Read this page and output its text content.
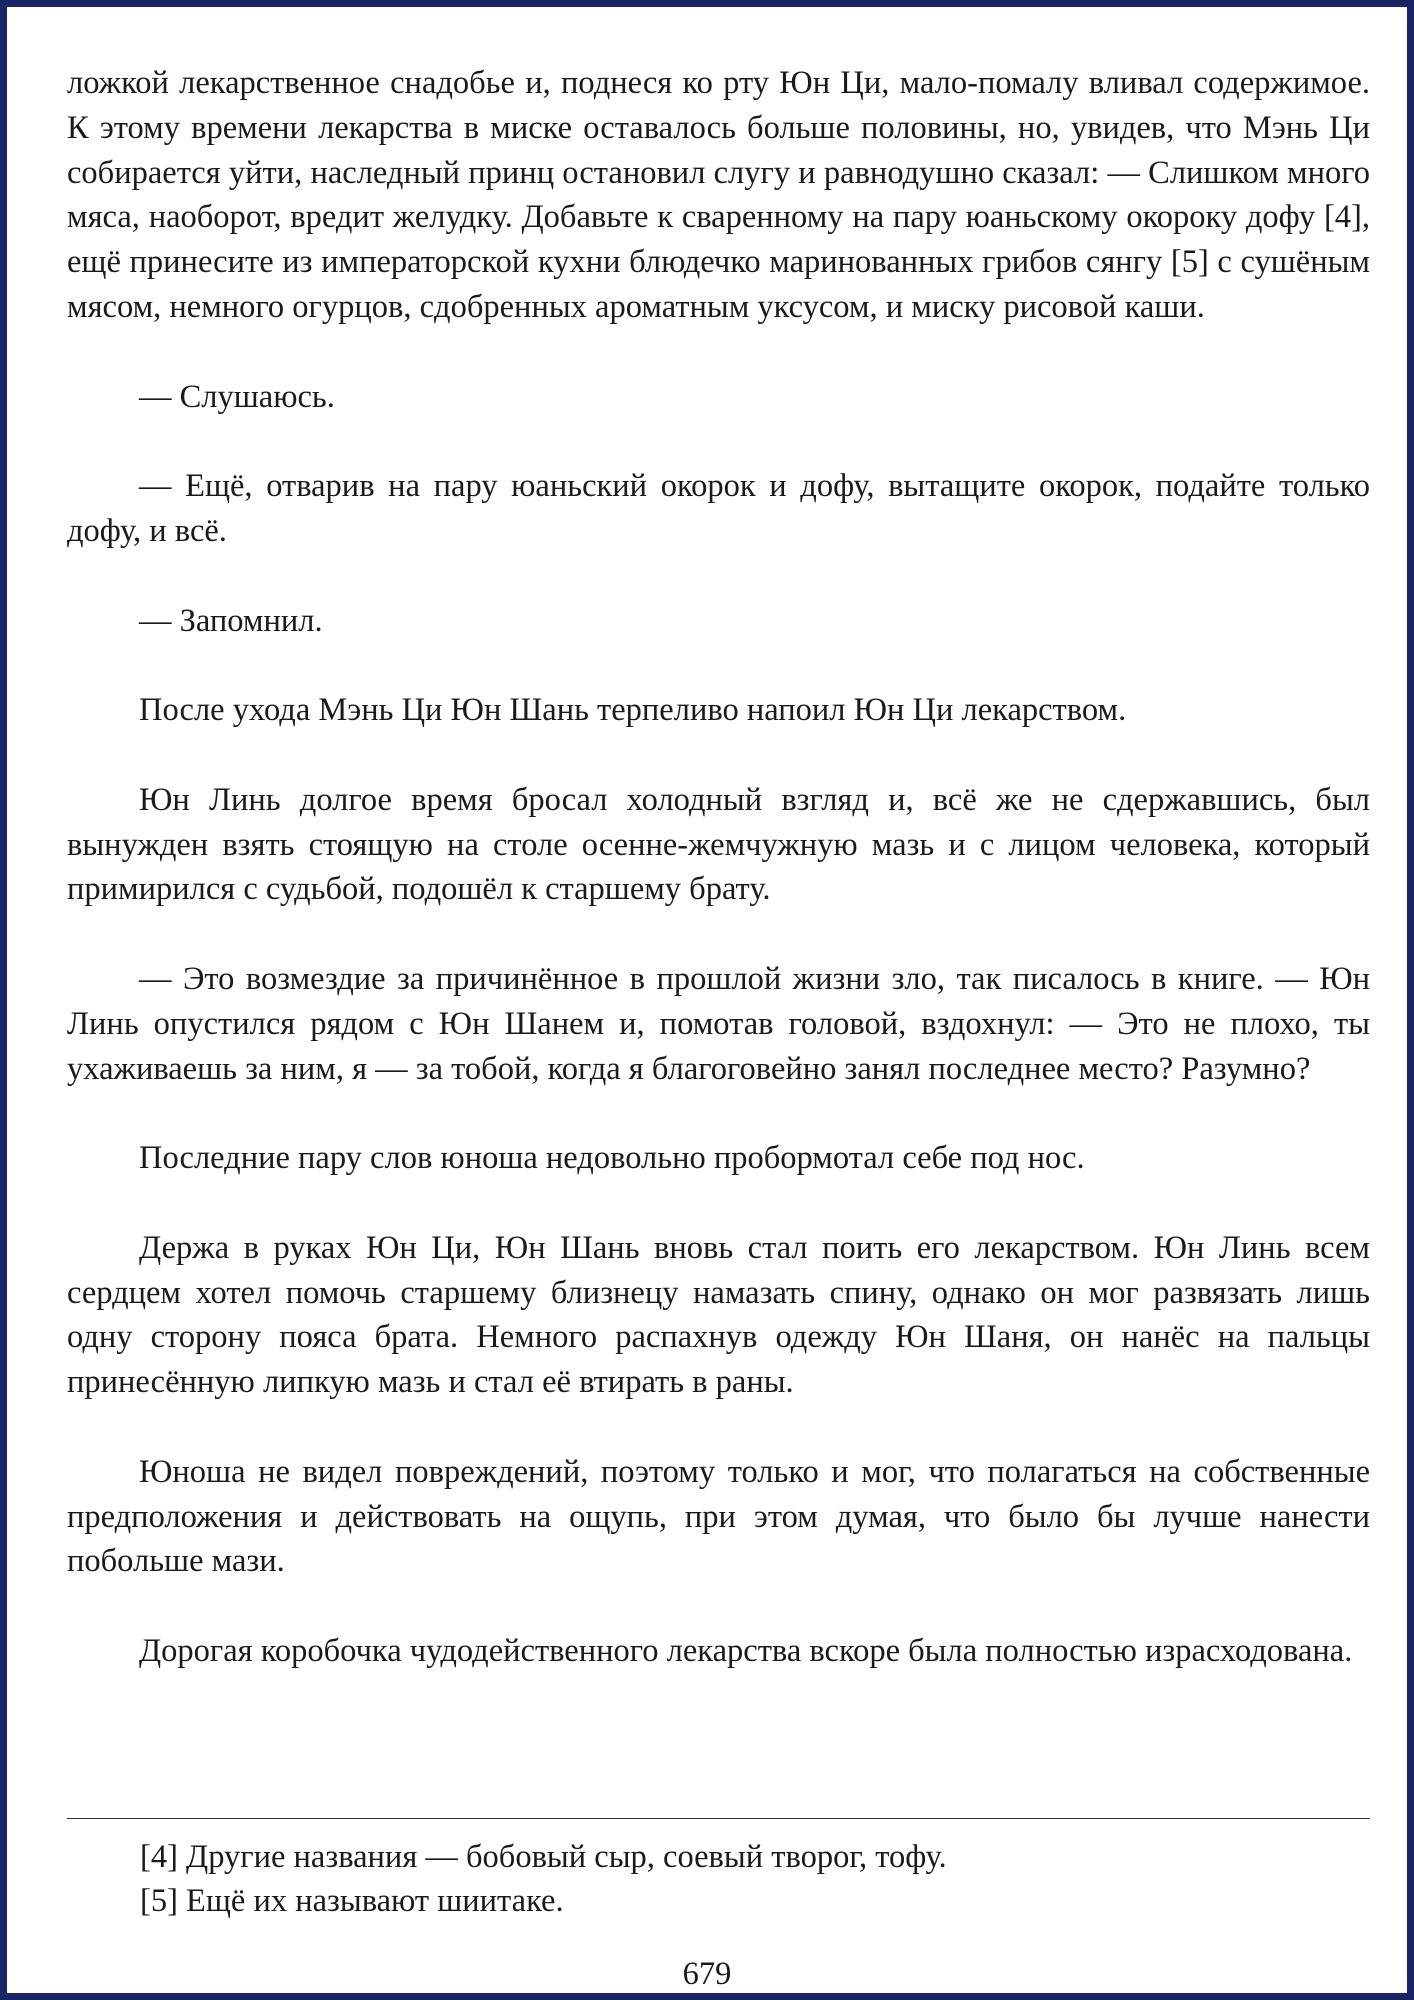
ложкой лекарственное снадобье и, поднеся ко рту Юн Ци, мало-помалу вливал содержимое. К этому времени лекарства в миске оставалось больше половины, но, увидев, что Мэнь Ци собирается уйти, наследный принц остановил слугу и равнодушно сказал: — Слишком много мяса, наоборот, вредит желудку. Добавьте к сваренному на пару юаньскому окороку дофу [4], ещё принесите из императорской кухни блюдечко маринованных грибов сянгу [5] с сушёным мясом, немного огурцов, сдобренных ароматным уксусом, и миску рисовой каши.

— Слушаюсь.

— Ещё, отварив на пару юаньский окорок и дофу, вытащите окорок, подайте только дофу, и всё.

— Запомнил.

После ухода Мэнь Ци Юн Шань терпеливо напоил Юн Ци лекарством.

Юн Линь долгое время бросал холодный взгляд и, всё же не сдержавшись, был вынужден взять стоящую на столе осенне-жемчужную мазь и с лицом человека, который примирился с судьбой, подошёл к старшему брату.

— Это возмездие за причинённое в прошлой жизни зло, так писалось в книге. — Юн Линь опустился рядом с Юн Шанем и, помотав головой, вздохнул: — Это не плохо, ты ухаживаешь за ним, я — за тобой, когда я благоговейно занял последнее место? Разумно?

Последние пару слов юноша недовольно пробормотал себе под нос.

Держа в руках Юн Ци, Юн Шань вновь стал поить его лекарством. Юн Линь всем сердцем хотел помочь старшему близнецу намазать спину, однако он мог развязать лишь одну сторону пояса брата. Немного распахнув одежду Юн Шаня, он нанёс на пальцы принесённую липкую мазь и стал её втирать в раны.

Юноша не видел повреждений, поэтому только и мог, что полагаться на собственные предположения и действовать на ощупь, при этом думая, что было бы лучше нанести побольше мази.

Дорогая коробочка чудодейственного лекарства вскоре была полностью израсходована.

[4] Другие названия — бобовый сыр, соевый творог, тофу.
[5] Ещё их называют шиитаке.
679
